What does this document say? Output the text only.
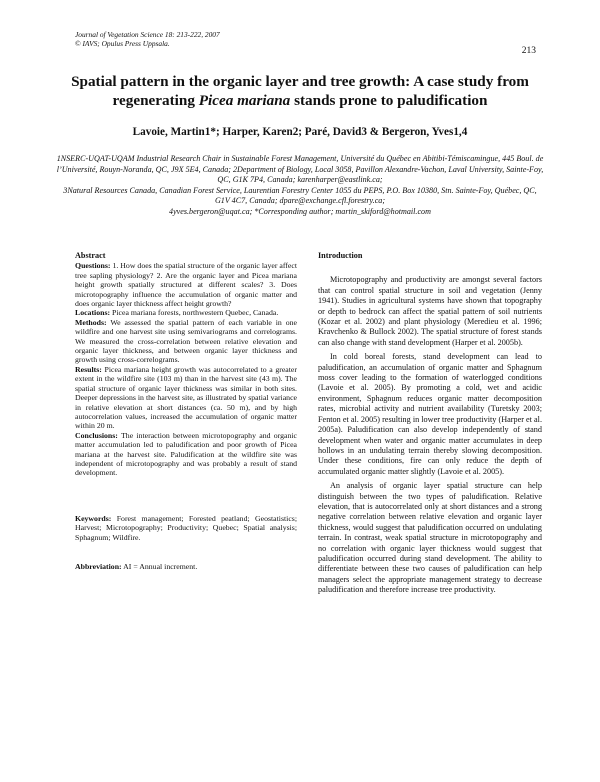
Journal of Vegetation Science 18: 213-222, 2007
© IAVS; Opulus Press Uppsala.
213
Spatial pattern in the organic layer and tree growth: A case study from regenerating Picea mariana stands prone to paludification
Lavoie, Martin1*; Harper, Karen2; Paré, David3 & Bergeron, Yves1,4
1NSERC-UQAT-UQAM Industrial Research Chair in Sustainable Forest Management, Université du Québec en Abitibi-Témiscamingue, 445 Boul. de l’Université, Rouyn-Noranda, QC, J9X 5E4, Canada; 2Department of Biology, Local 3058, Pavillon Alexandre-Vachon, Laval University, Sainte-Foy, QC, G1K 7P4, Canada; karenharper@eastlink.ca;
3Natural Resources Canada, Canadian Forest Service, Laurentian Forestry Center 1055 du PEPS, P.O. Box 10380, Stn. Sainte-Foy, Québec, QC, G1V 4C7, Canada; dpare@exchange.cfl.forestry.ca;
4yves.bergeron@uqat.ca; *Corresponding author; martin_skiford@hotmail.com
Abstract

Questions: 1. How does the spatial structure of the organic layer affect tree sapling physiology? 2. Are the organic layer and Picea mariana height growth spatially structured at different scales? 3. Does microtopography influence the accumulation of organic matter and does organic layer thickness affect height growth?

Locations: Picea mariana forests, northwestern Quebec, Canada.

Methods: We assessed the spatial pattern of each variable in one wildfire and one harvest site using semivariograms and correlograms. We measured the cross-correlation between relative elevation and organic layer thickness, and between organic layer thickness and growth using cross-correlograms.

Results: Picea mariana height growth was autocorrelated to a greater extent in the wildfire site (103 m) than in the harvest site (43 m). The spatial structure of organic layer thickness was similar in both sites. Deeper depressions in the harvest site, as illustrated by spatial variance in relative elevation at short distances (ca. 50 m), and by high autocorrelation values, increased the accumulation of organic matter within 20 m.

Conclusions: The interaction between microtopography and organic matter accumulation led to paludification and poor growth of Picea mariana at the harvest site. Paludification at the wildfire site was independent of microtopography and was probably a result of stand development.

Keywords: Forest management; Forested peatland; Geostatistics; Harvest; Microtopography; Productivity; Quebec; Spatial analysis; Sphagnum; Wildfire.

Abbreviation: AI = Annual increment.

Introduction

Microtopography and productivity are amongst several factors that can control spatial structure in soil and vegetation (Jenny 1941). Studies in agricultural systems have shown that topography or depth to bedrock can affect the spatial pattern of soil nutrients (Kozar et al. 2002) and plant physiology (Meredieu et al. 1996; Kravchenko & Bullock 2002). The spatial structure of forest stands can also change with stand development (Harper et al. 2005b).

In cold boreal forests, stand development can lead to paludification, an accumulation of organic matter and Sphagnum moss cover leading to the formation of waterlogged conditions (Lavoie et al. 2005). By promoting a cold, wet and acidic environment, Sphagnum reduces organic matter decomposition rates, microbial activity and nutrient availability (Turetsky 2003; Fenton et al. 2005) resulting in lower tree productivity (Harper et al. 2005a). Paludification can also develop independently of stand development when water and organic matter accumulates in deep hollows in an undulating terrain thereby slowing decomposition. Under these conditions, fire can only reduce the depth of accumulated organic matter slightly (Lavoie et al. 2005).

An analysis of organic layer spatial structure can help distinguish between the two types of paludification. Relative elevation, that is autocorrelated only at short distances and a strong negative correlation between relative elevation and organic layer thickness, would suggest that paludification occurred on undulating terrain. In contrast, weak spatial structure in microtopography and no correlation with organic layer thickness would suggest that paludification occurred during stand development. The ability to differentiate between these two causes of paludification can help managers select the appropriate management strategy to decrease paludification and therefore increase tree productivity.
